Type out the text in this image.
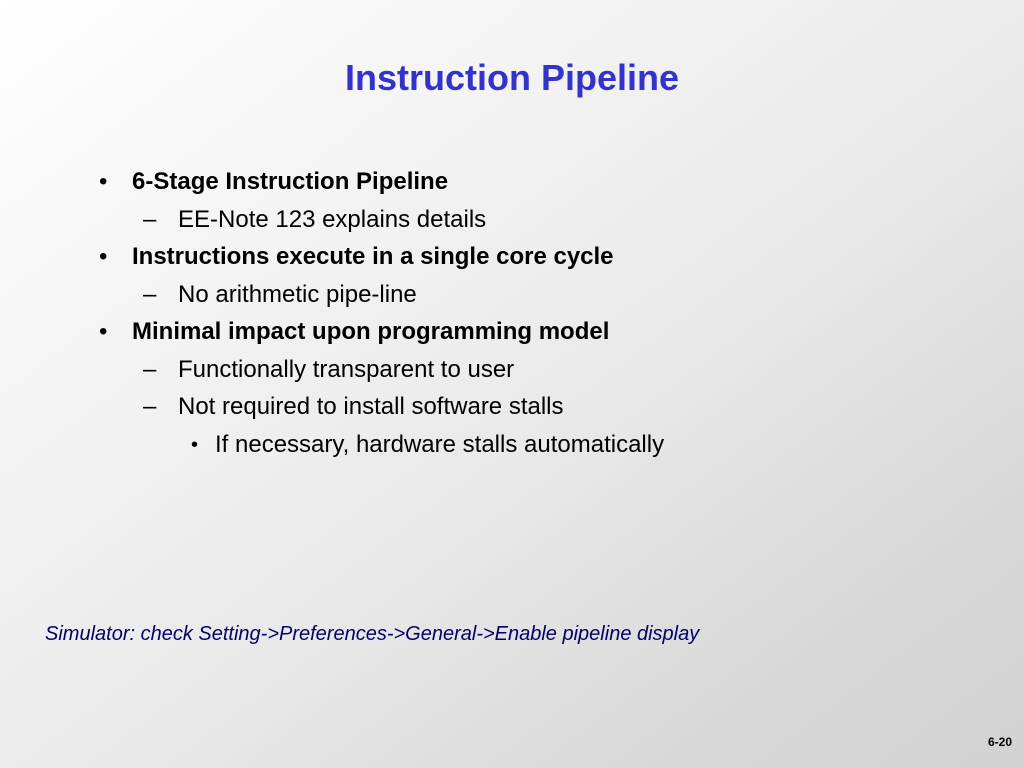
Instruction Pipeline
• 6-Stage Instruction Pipeline
– EE-Note 123 explains details
• Instructions execute in a single core cycle
– No arithmetic pipe-line
• Minimal impact upon programming model
– Functionally transparent to user
– Not required to install software stalls
• If necessary, hardware stalls automatically
Simulator: check Setting->Preferences->General->Enable pipeline display
6-20
